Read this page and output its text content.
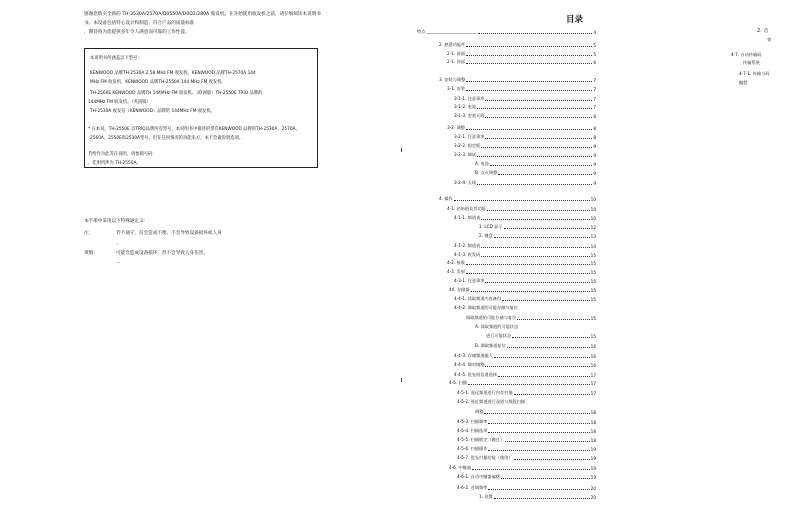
感谢您购买全新的 TH-3530A/2570A/D0550A/D0D2/280A 收发机。在开始使用收发机之前，请仔细阅读本说明书
书。本设备包括特心设计和制造，符合产品的质量标准
，期待将为您提供多年令人满意而可靠的工作性能。
本说明书所涵盖以下型号：
KENWOOD 品牌TH-2530A 2.58 MHz FM 收发机，KENWOOD 品牌TH-2570A 144
MHz FM 收发机，KENWOOD 品牌TH-2550A 144 MHz FM 收发机。
TH-2560E KENWOOD 品牌TH 144MHz FM 收发机。（欧洲版）TH-2550E TRIO 品牌的
144MHz FM 收发机。（英国版）
TH-2530A 收发信（KENWOOD）品牌的 144MHz FM 收发机。
* 在本说，TH-2550E 以TRIO品牌所有型号。本说明书中描述的带有KENWOOD 品牌的TH-2530A、2570A、
2560A、2550E和2530A型号。但在任何情况的功能来方，本不会做说明选项。
若给作为此等在说明，请参阅号码：
。佳明所涉为 TH-2550A。
本手册中采用以下特殊通定义：
注：	若不通守，仅会造成不便，不会导致设备损坏或人身
。
须慎：	可能会造成设备损坏，但不会导致人身伤害。
...
目录
特点 ________________________	4
2. 熟悉功能件	5
2-1. 前面	5
2-1. 顶部	6
3. 安装与调整	7
3-1. 安装	7
3-1-1. 注意事项	7
3-1-2. 电池	7
3-1-3. 安装天线	8
3-2. 调整	8
3-2-1. 注意事项	8
3-2-2. 固定板	9
3-2-3. 调试	9
A. 电池	9
B. 点火调整	9
3-2-4. 天线	9
4. 操作	10
4-1. 初始值及其功能	10
4-1-1. 频道表	10
1. LCD 显示	12
2. 键盘	13
4-1-2. 频道表	14
4-1-3. 收发码	15
4-2. 接收	15
4-3. 发射	15
4-3-1. 注意事项	15
44. 存储器	15
4-4-1. 读取频道内容备份	15
4-4-2. 调取频道的可能存储与复位
调取频道的可能存储与复位	15
A. 读取频道的可能状态
进行可能状态	15
B. 调取频道复位	16
4-4-3. 存储频道输入	16
4-4-4. 调对调整	16
4-4-5. 优先权信道选择	17
4-5. 扫描	17
4-5-1. 遥远频道进行内存扫描	17
4-5-2. 遥近频道进行双道与频段扫描
调整	18
4-5-3. 扫描频率	18
4-5-4. 扫描选项	18
4-5-5. 扫描锁定（跳过）	18
4-5-6. 扫描操作	19
4-5-7. 优先扫描功能（使用）	19
4-6. 中继器	19
4-6-1. 自动中继器偏移	19
4-6-2. 音调频率	20
1. 设置	20
2. 音
效
4-7. 自动传输码
传输系统
4-7-1. 传输与码
编程
